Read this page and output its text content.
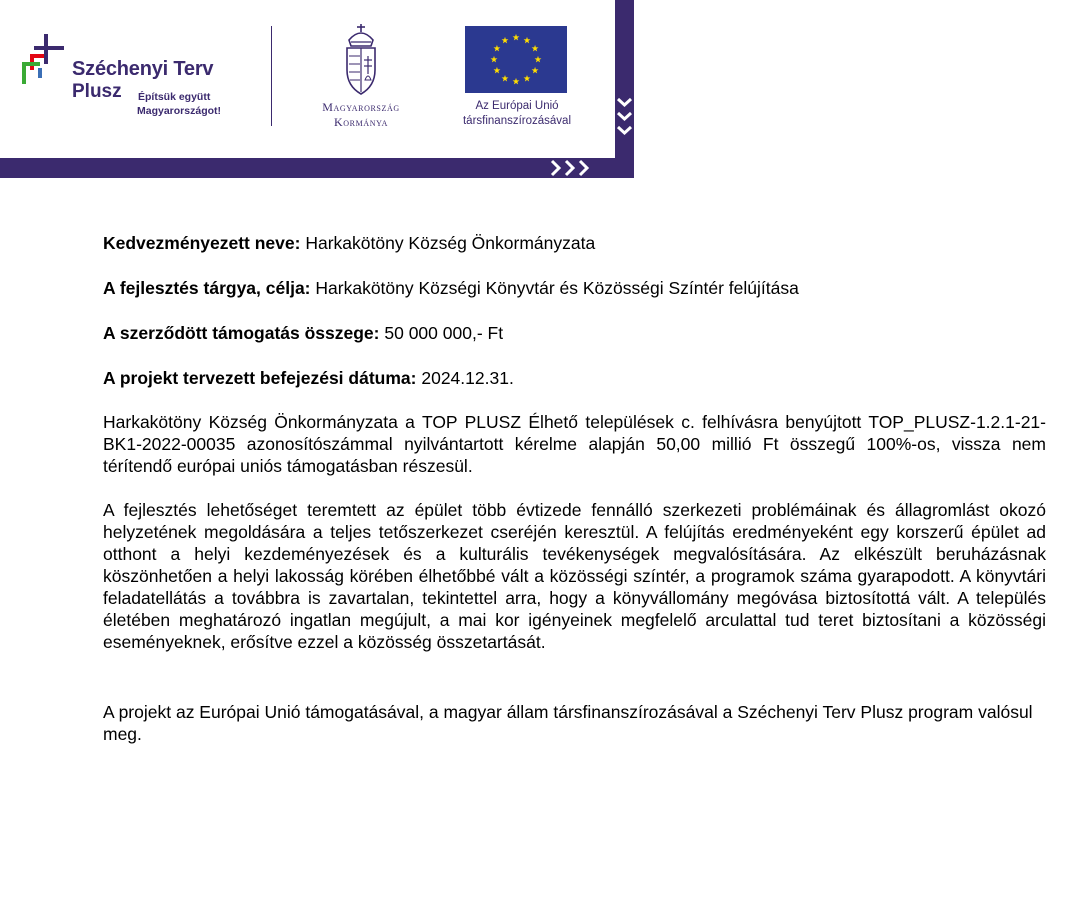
Széchenyi Terv
Plusz Építsük együtt
Magyarországot!	Magyarország
Kormánya
Az Európai Unió
társfinanszírozásával

Kedvezményezett neve: Harkakötöny Község Önkormányzata

A fejlesztés tárgya, célja: Harkakötöny Községi Könyvtár és Közösségi Színtér felújítása

A szerződött támogatás összege: 50 000 000,- Ft

A projekt tervezett befejezési dátuma: 2024.12.31.

Harkakötöny Község Önkormányzata a TOP PLUSZ Élhető települések c. felhívásra benyújtott TOP_PLUSZ-1.2.1-21-BK1-2022-00035 azonosítószámmal nyilvántartott kérelme alapján 50,00 millió Ft összegű 100%-os, vissza nem térítendő európai uniós támogatásban részesül.

A fejlesztés lehetőséget teremtett az épület több évtizede fennálló szerkezeti problémáinak és állagromlást okozó helyzetének megoldására a teljes tetőszerkezet cseréjén keresztül. A felújítás eredményeként egy korszerű épület ad otthont a helyi kezdeményezések és a kulturális tevékenységek megvalósítására. Az elkészült beruházásnak köszönhetően a helyi lakosság körében élhetőbbé vált a közösségi színtér, a programok száma gyarapodott. A könyvtári feladatellátás a továbbra is zavartalan, tekintettel arra, hogy a könyvállomány megóvása biztosítottá vált. A település életében meghatározó ingatlan megújult, a mai kor igényeinek megfelelő arculattal tud teret biztosítani a közösségi eseményeknek, erősítve ezzel a közösség összetartását.

A projekt az Európai Unió támogatásával, a magyar állam társfinanszírozásával a Széchenyi Terv Plusz program valósul meg.
